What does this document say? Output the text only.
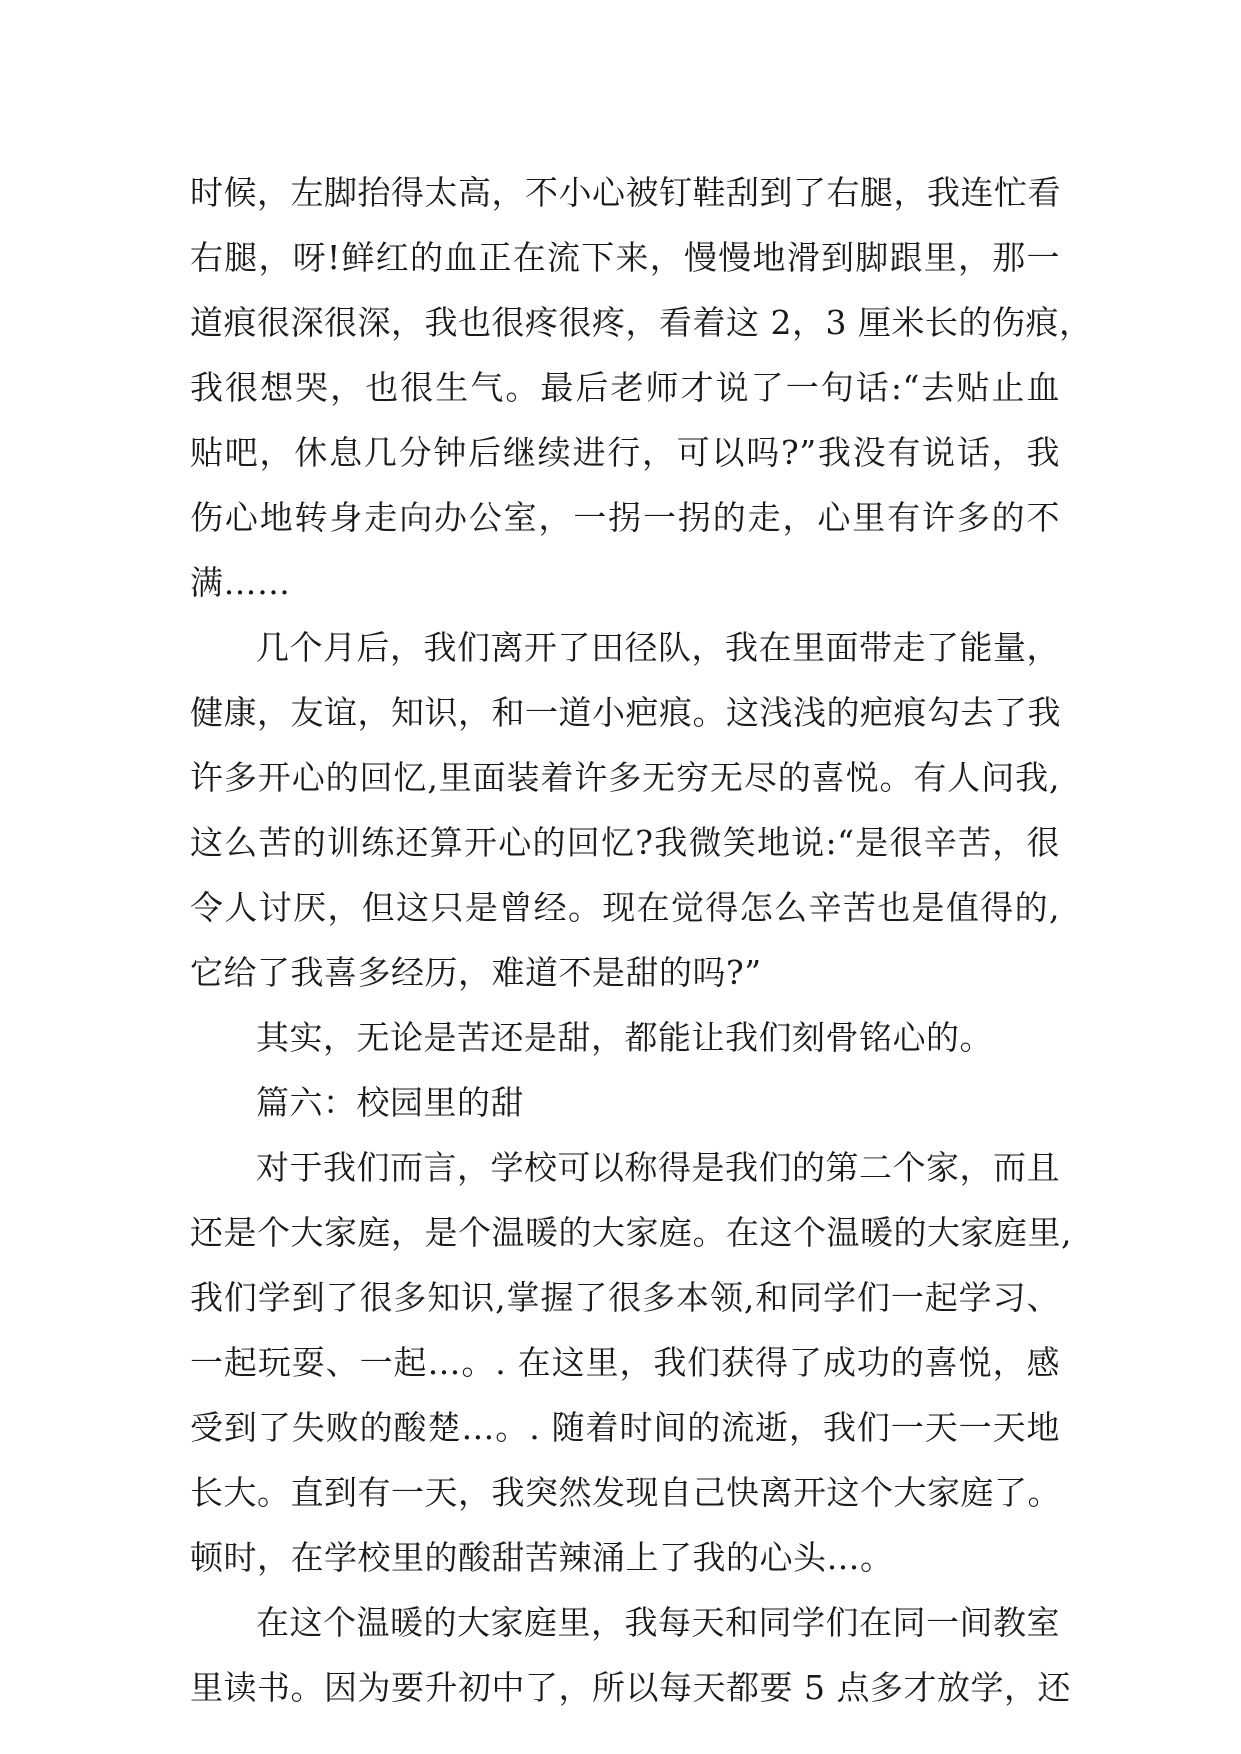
时候，左脚抬得太高，不小心被钉鞋刮到了右腿，我连忙看
右腿，呀!鲜红的血正在流下来，慢慢地滑到脚跟里，那一
道痕很深很深，我也很疼很疼，看着这 2，3 厘米长的伤痕，
我很想哭，也很生气。最后老师才说了一句话:“去贴止血
贴吧，休息几分钟后继续进行，可以吗?”我没有说话，我
伤心地转身走向办公室，一拐一拐的走，心里有许多的不
满……
几个月后，我们离开了田径队，我在里面带走了能量，
健康，友谊，知识，和一道小疤痕。这浅浅的疤痕勾去了我
许多开心的回忆,里面装着许多无穷无尽的喜悦。有人问我,
这么苦的训练还算开心的回忆?我微笑地说:“是很辛苦，很
令人讨厌，但这只是曾经。现在觉得怎么辛苦也是值得的,
它给了我喜多经历，难道不是甜的吗?”
其实，无论是苦还是甜，都能让我们刻骨铭心的。
篇六：校园里的甜
对于我们而言，学校可以称得是我们的第二个家，而且
还是个大家庭，是个温暖的大家庭。在这个温暖的大家庭里,
我们学到了很多知识,掌握了很多本领,和同学们一起学习、
一起玩耍、一起…。. 在这里，我们获得了成功的喜悦，感
受到了失败的酸楚…。. 随着时间的流逝，我们一天一天地
长大。直到有一天，我突然发现自己快离开这个大家庭了。
顿时，在学校里的酸甜苦辣涌上了我的心头…。
在这个温暖的大家庭里，我每天和同学们在同一间教室
里读书。因为要升初中了，所以每天都要 5 点多才放学，还
